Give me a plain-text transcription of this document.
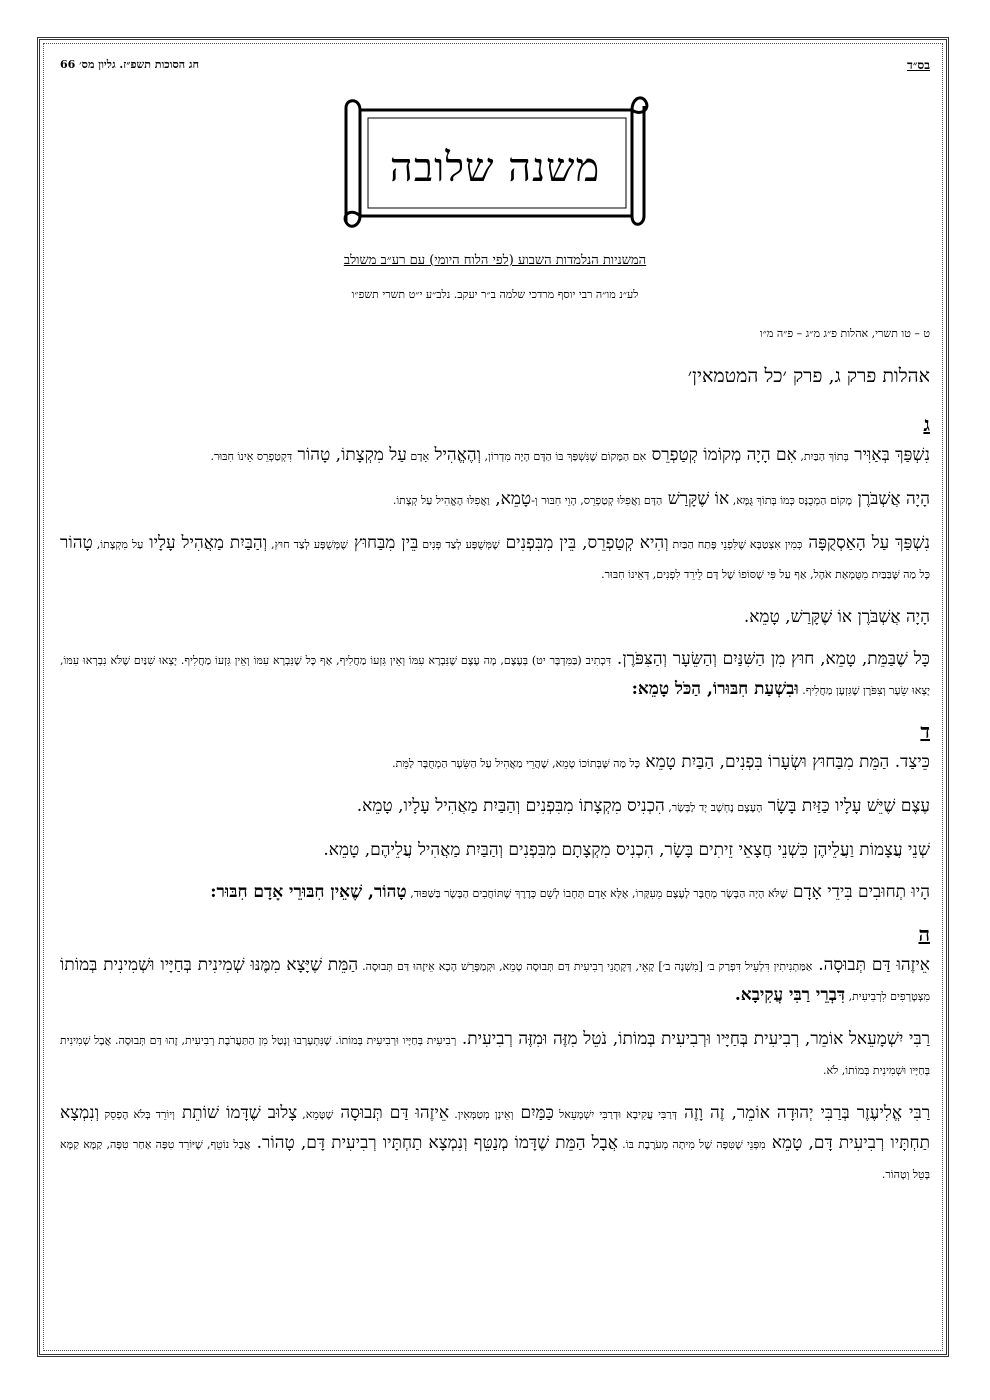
בס״ד
חג הסוכות תשפ״ז. גליון מס׳ 66
משנה שלובה
המשניות הנלמדות השבוע (לפי הלוח היומי) עם רע״ב משולב
לע״נ מו״ה רבי יוסף מרדכי שלמה ב״ר יעקב. נלב״ע י״ט תשרי תשפ״ו
ט – טו תשרי, אהלות פ״ג מ״ג – פ״ה מ״ו
אהלות פרק ג, פרק ׳כל המטמאין׳
ג
נִשְׁפַּךְ בְּאַוִּיר בְּתוֹךְ הַבַּיִת, אִם הָיָה מְקוֹמוֹ קְטַפְרֵס אִם הַמָּקוֹם שֶׁנִּשְׁפַּךְ בּוֹ הַדָּם הָיָה מִדְרוֹן, וְהֶאֱהִיל אָדָם עַל מִקְצָתוֹ, טָהוֹר דִּקְטַפְרֵס אֵינוֹ חִבּוּר.
הָיָה אֲשְׁבֹּרֶן מָקוֹם הַמְכֻנָּס כְּמוֹ בְּתוֹךְ גֻּמָּא, אוֹ שֶׁקָּרַשׁ הַדָּם וַאֲפִלּוּ קְטַפְרֵס, הָוֵי חִבּוּר וְ-טָמֵא, וַאֲפִלּוּ הֶאֱהִיל עַל קְצָתוֹ.
נִשְׁפַּךְ עַל הָאַסְקֻפָּה כְּמִין אִצְטַבָּא שֶׁלִּפְנֵי פֶּתַח הַבַּיִת וְהִיא קְטַפְרֵס, בֵּין מִבִּפְנִים שֶׁמְּשֻׁפָּע לְצַד פְּנִים בֵּין מִבַּחוּץ שֶׁמְּשֻׁפָּע לְצַד חוּץ, וְהַבַּיִת מַאֲהִיל עָלָיו עַל מִקְצָתוֹ, טָהוֹר כָּל מַה שֶּׁבַּבַּיִת מִטֻּמְאַת אֹהֶל, אַף עַל פִּי שֶׁסּוֹפוֹ שֶׁל דָּם לֵירֵד לִפְנִים, דְּאֵינוֹ חִבּוּר.
הָיָה אֲשְׁבֹּרֶן אוֹ שֶׁקָּרַשׁ, טָמֵא.
כָּל שֶׁבַּמֵּת, טָמֵא, חוּץ מִן הַשִּׁנַּיִם וְהַשֵּׂעָר וְהַצִּפֹּרֶן. דִּכְתִיב (בַּמִּדְבָּר יט) בְּעֶצֶם, מָה עֶצֶם שֶׁנִּבְרָא עִמּוֹ וְאֵין גִּזְעוֹ מַחֲלִיף, אַף כָּל שֶׁנִּבְרָא עִמּוֹ וְאֵין גִּזְעוֹ מַחֲלִיף. יָצְאוּ שִׁנַּיִם שֶׁלֹּא נִבְרְאוּ עִמּוֹ, יָצְאוּ שֵׂעָר וְצִפֹּרֶן שֶׁגִּזְעָן מַחֲלִיף. וּבִשְׁעַת חִבּוּרוֹ, הַכֹּל טָמֵא:
ד
כֵּיצַד. הַמֵּת מִבַּחוּץ וּשְׂעָרוֹ בִּפְנִים, הַבַּיִת טָמֵא כָּל מַה שֶּׁבְּתוֹכוֹ טָמֵא, שֶׁהֲרֵי מַאֲהִיל עַל הַשֵּׂעָר הַמְחֻבָּר לַמֵּת.
עֶצֶם שֶׁיֵּשׁ עָלָיו כַּזַּיִת בָּשָׂר הָעֶצֶם נֶחְשָׁב יָד לַבָּשָׂר, הִכְנִיס מִקְצָתוֹ מִבִּפְנִים וְהַבַּיִת מַאֲהִיל עָלָיו, טָמֵא.
שְׁנֵי עֲצָמוֹת וַעֲלֵיהֶן כִּשְׁנֵי חֲצָאֵי זֵיתִים בָּשָׂר, הִכְנִיס מִקְצָתָם מִבִּפְנִים וְהַבַּיִת מַאֲהִיל עֲלֵיהֶם, טָמֵא.
הָיוּ תְחוּבִים בִּידֵי אָדָם שֶׁלֹּא הָיָה הַבָּשָׂר מְחֻבָּר לָעֶצֶם מֵעִקָּרוֹ, אֶלָּא אָדָם תְּחָבוֹ לְשֵׁם כְּדֶרֶךְ שֶׁתּוֹחֲבִים הַבָּשָׂר בַּשַּׁפּוּד, טָהוֹר, שֶׁאֵין חִבּוּרֵי אָדָם חִבּוּר:
ה
אֵיזֶהוּ דַּם תְּבוּסָה. אַמַּתְנִיתִין דִּלְעֵיל דִּפְרַק ב׳ [מִשְׁנָה ב׳] קָאֵי, דְּקָתָנֵי רְבִיעִית דַּם תְּבוּסָה טָמֵא, וּקְמַפָּרֵשׁ הָכָא אֵיזֶהוּ דַּם תְּבוּסָה. הַמֵּת שֶׁיָּצָא מִמֶּנּוּ שְׁמִינִית בְּחַיָּיו וּשְׁמִינִית בְּמוֹתוֹ מִצְטָרְפִים לִרְבִיעִית, דִּבְרֵי רַבִּי עֲקִיבָא.
רַבִּי יִשְׁמָעֵאל אוֹמֵר, רְבִיעִית בְּחַיָּיו וּרְבִיעִית בְּמוֹתוֹ, נֹטֵל מִזֶּה וּמִזֶּה רְבִיעִית. רְבִיעִית בְּחַיָּיו וּרְבִיעִית בְּמוֹתוֹ. שֶׁנִּתְעָרְבוּ וְנָטַל מִן הַתַּעֲרֹבֶת רְבִיעִית, זֶהוּ דַּם תְּבוּסָה. אֲבָל שְׁמִינִית בְּחַיָּיו וּשְׁמִינִית בְּמוֹתוֹ, לֹא.
רַבִּי אֱלִיעֶזֶר בְּרַבִּי יְהוּדָה אוֹמֵר, זֶה וָזֶה דְּרַבִּי עֲקִיבָא וּדְרַבִּי יִשְׁמָעֵאל כַּמַּיִם וְאֵינָן מְטַמְּאִין. אֵיזֶהוּ דַּם תְּבוּסָה שֶׁטָּמֵא, צָלוּב שֶׁדָּמוֹ שׁוֹתֵת וְיוֹרֵד בְּלֹא הֶפְסֵק וְנִמְצָא תַחְתָּיו רְבִיעִית דָּם, טָמֵא מִפְּנֵי שֶׁטִּפָּה שֶׁל מִיתָה מְעֹרֶבֶת בּוֹ. אֲבָל הַמֵּת שֶׁדָּמוֹ מְנַטֵּף וְנִמְצָא תַחְתָּיו רְבִיעִית דָּם, טָהוֹר. אֲבָל נוֹטֵף, שֶׁיּוֹרֵד טִפָּה אַחַר טִפָּה, קַמָּא קַמָּא בָּטֵל וְטָהוֹר.
